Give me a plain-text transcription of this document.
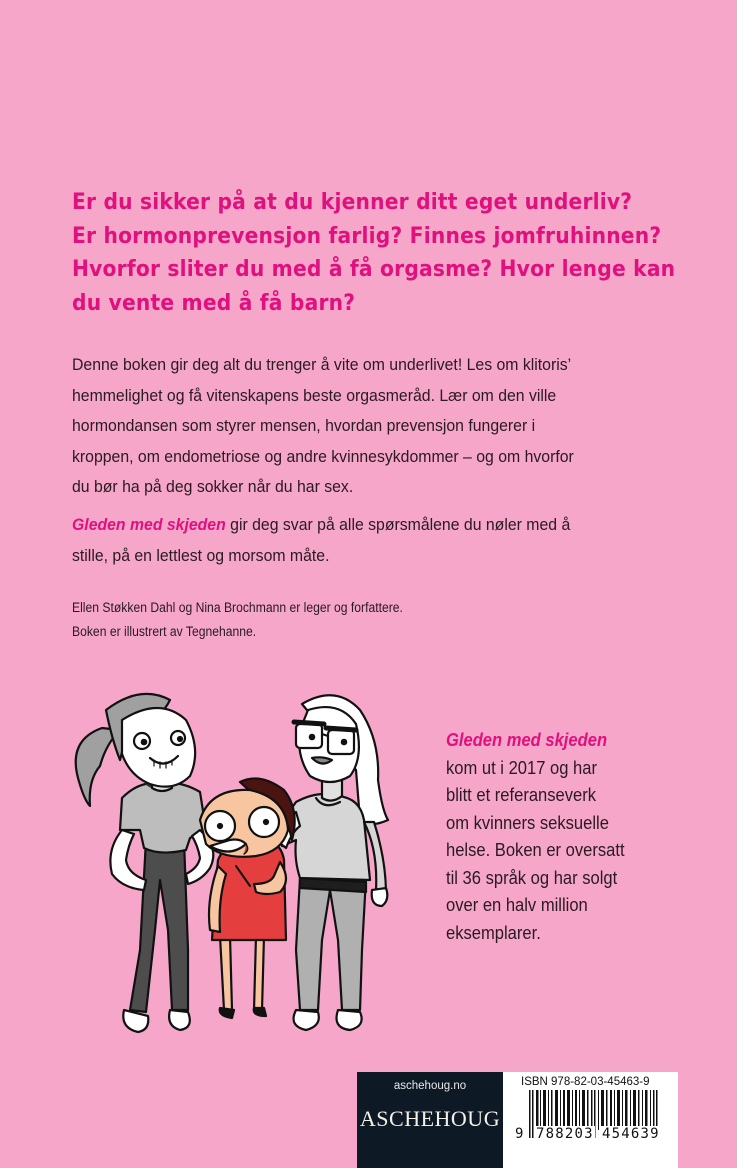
Er du sikker på at du kjenner ditt eget underliv?
Er hormonprevensjon farlig? Finnes jomfruhinnen?
Hvorfor sliter du med å få orgasme? Hvor lenge kan
du vente med å få barn?
Denne boken gir deg alt du trenger å vite om underlivet! Les om klitoris’
hemmelighet og få vitenskapens beste orgasmeråd. Lær om den ville
hormondansen som styrer mensen, hvordan prevensjon fungerer i
kroppen, om endometriose og andre kvinnesykdommer – og om hvorfor
du bør ha på deg sokker når du har sex.
Gleden med skjeden gir deg svar på alle spørsmålene du nøler med å
stille, på en lettlest og morsom måte.
Ellen Støkken Dahl og Nina Brochmann er leger og forfattere.
Boken er illustrert av Tegnehanne.
Gleden med skjeden
kom ut i 2017 og har
blitt et referanseverk
om kvinners seksuelle
helse. Boken er oversatt
til 36 språk og har solgt
over en halv million
eksemplarer.
aschehoug.no
ASCHEHOUG
ISBN 978-82-03-45463-9
9 788203 454639
